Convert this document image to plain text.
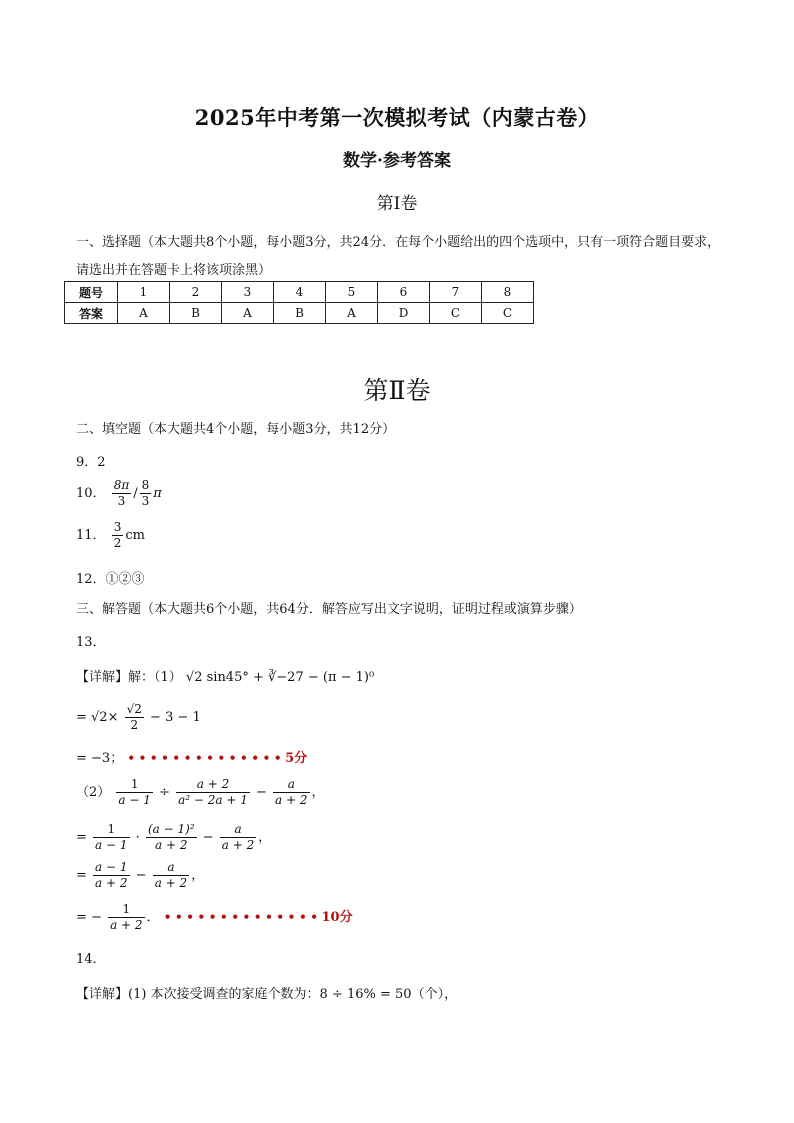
2025年中考第一次模拟考试（内蒙古卷）
数学·参考答案
第Ⅰ卷
一、选择题（本大题共8个小题，每小题3分，共24分．在每个小题给出的四个选项中，只有一项符合题目要求，请选出并在答题卡上将该项涂黑）
题号	1	2	3	4	5	6	7	8
答案	A	B	A	B	A	D	C	C
第Ⅱ卷
二、填空题（本大题共4个小题，每小题3分，共12分）
9．2
10． $\frac{8\pi}{3} / \frac{8}{3}$ π
11． $\frac{3}{2}$ cm
12．①②③
三、解答题（本大题共6个小题，共64分．解答应写出文字说明，证明过程或演算步骤）
13．
【详解】解：（1） √2 sin45° + ∛−27 − (π − 1)⁰
= $√2\times \frac{√2}{2} - 3 - 1$
= −3； ••••••••••••••5分
$(2) \frac{1}{a - 1} \div \frac{a + 2}{\text{a² − 2a + 1}} - \frac{a}{a + 2}$ ，
= $\frac{1}{a - 1} \cdot \frac{\text{(a − 1)²}}{a + 2} - \frac{a}{a + 2}$ ，
= $\frac{a - 1}{a + 2} - \frac{a}{a + 2}$ ，
= − $\frac{1}{a + 2}$ ． ••••••••••••••10分
14．
【详解】(1) 本次接受调查的家庭个数为：8 ÷ 16% = 50（个），
